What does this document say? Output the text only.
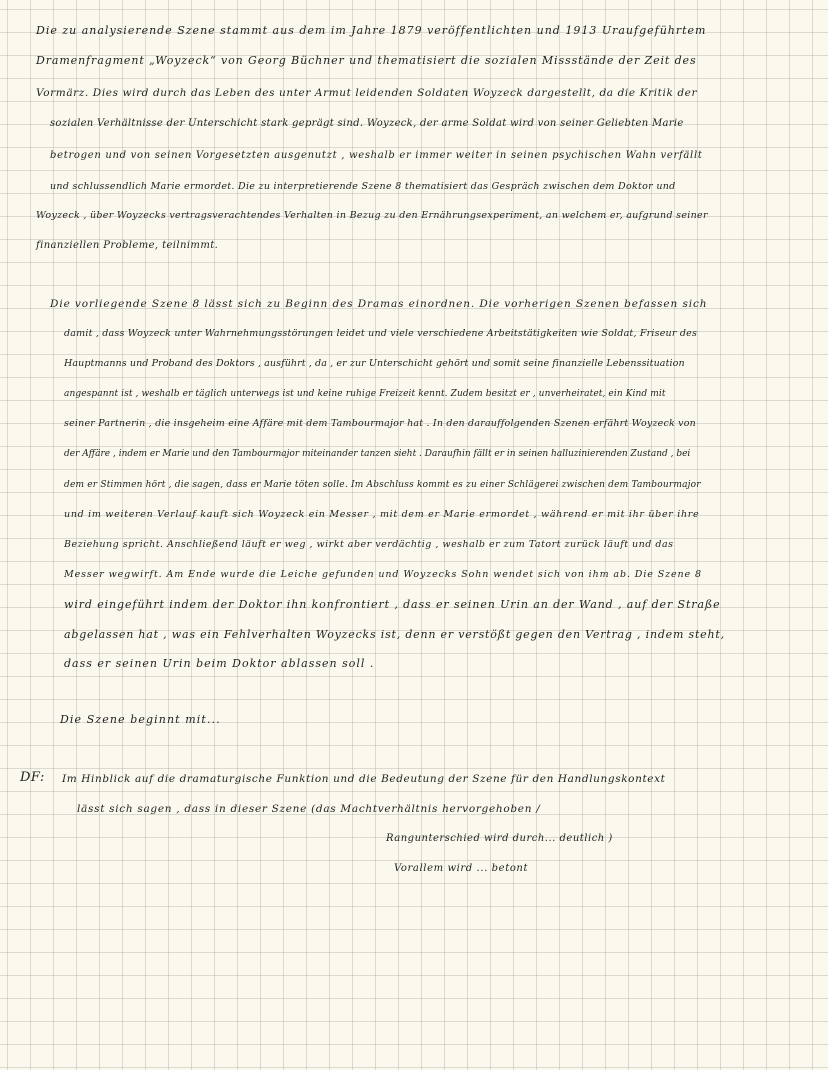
Die zu analysierende Szene stammt aus dem im Jahre 1879 veröffentlichten und 1913 Uraufgeführtem
Dramenfragment „Woyzeck“ von Georg Büchner und thematisiert die sozialen Missstände der Zeit des
Vormärz. Dies wird durch das Leben des unter Armut leidenden Soldaten Woyzeck dargestellt, da die Kritik der
sozialen Verhältnisse der Unterschicht stark geprägt sind. Woyzeck, der arme Soldat wird von seiner Geliebten Marie
betrogen und von seinen Vorgesetzten ausgenutzt , weshalb er immer weiter in seinen psychischen Wahn verfällt
und schlussendlich Marie ermordet. Die zu interpretierende Szene 8 thematisiert das Gespräch zwischen dem Doktor und
Woyzeck , über Woyzecks vertragsverachtendes Verhalten in Bezug zu den Ernährungsexperiment, an welchem er, aufgrund seiner
finanziellen Probleme, teilnimmt.
Die vorliegende Szene 8 lässt sich zu Beginn des Dramas einordnen. Die vorherigen Szenen befassen sich
damit , dass Woyzeck unter Wahrnehmungsstörungen leidet und viele verschiedene Arbeitstätigkeiten wie Soldat, Friseur des
Hauptmanns und Proband des Doktors , ausführt , da , er zur Unterschicht gehört und somit seine finanzielle Lebenssituation
angespannt ist , weshalb er täglich unterwegs ist und keine ruhige Freizeit kennt. Zudem besitzt er , unverheiratet, ein Kind mit
seiner Partnerin , die insgeheim eine Affäre mit dem Tambourmajor hat . In den darauffolgenden Szenen erfährt Woyzeck von
der Affäre , indem er Marie und den Tambourmajor miteinander tanzen sieht . Daraufhin fällt er in seinen halluzinierenden Zustand , bei
dem er Stimmen hört , die sagen, dass er Marie töten solle. Im Abschluss kommt es zu einer Schlägerei zwischen dem Tambourmajor
und im weiteren Verlauf kauft sich Woyzeck ein Messer , mit dem er Marie ermordet , während er mit ihr über ihre
Beziehung spricht. Anschließend läuft er weg , wirkt aber verdächtig , weshalb er zum Tatort zurück läuft und das
Messer wegwirft. Am Ende wurde die Leiche gefunden und Woyzecks Sohn wendet sich von ihm ab. Die Szene 8
wird eingeführt indem der Doktor ihn konfrontiert , dass er seinen Urin an der Wand , auf der Straße
abgelassen hat , was ein Fehlverhalten Woyzecks ist, denn er verstößt gegen den Vertrag , indem steht,
dass er seinen Urin beim Doktor ablassen soll .
Die Szene beginnt mit...
DF: Im Hinblick auf die dramaturgische Funktion und die Bedeutung der Szene für den Handlungskontext
lässt sich sagen , dass in dieser Szene (das Machtverhältnis hervorgehoben /
Rangunterschied wird durch... deutlich )
Vorallem wird ... betont
